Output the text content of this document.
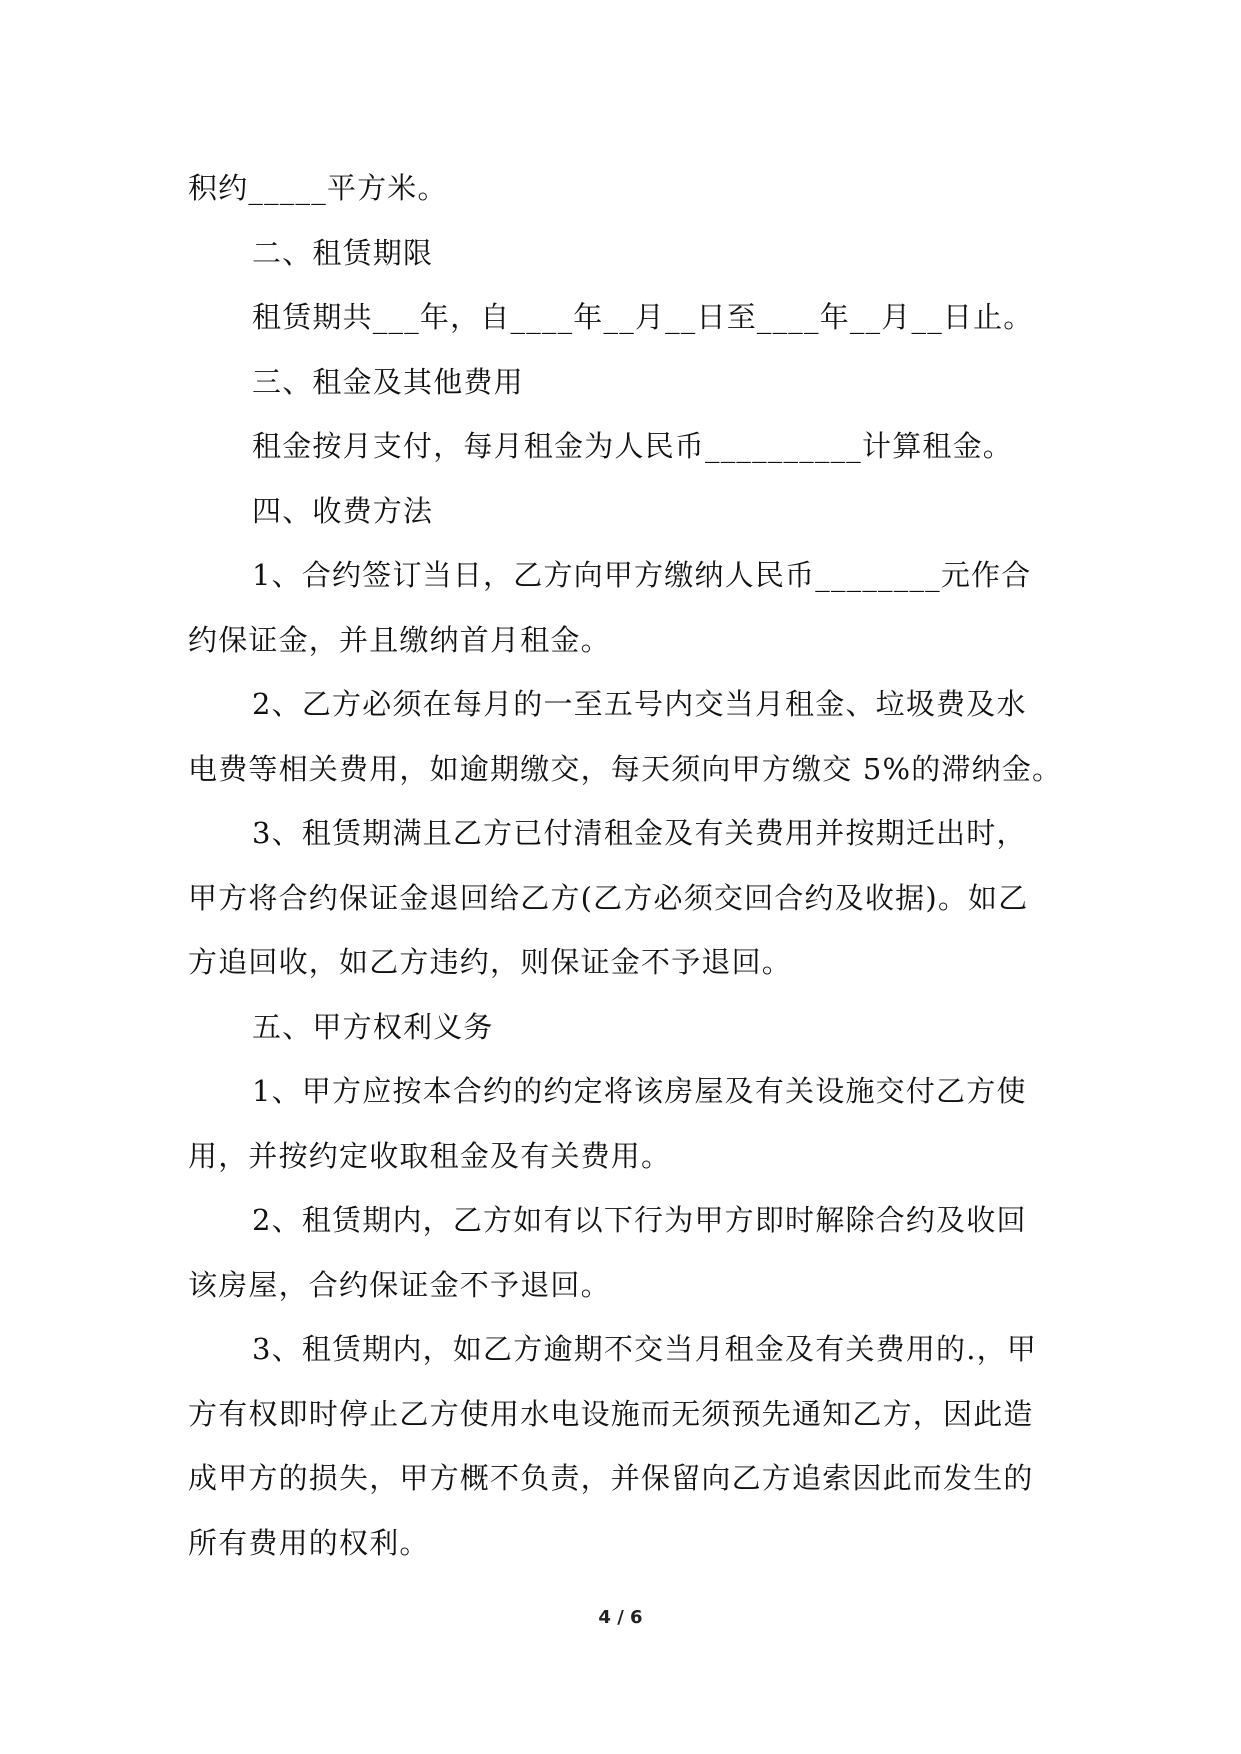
积约_____平方米。
二、租赁期限
租赁期共___年，自____年__月__日至____年__月__日止。
三、租金及其他费用
租金按月支付，每月租金为人民币__________计算租金。
四、收费方法
1、合约签订当日，乙方向甲方缴纳人民币________元作合
约保证金，并且缴纳首月租金。
2、乙方必须在每月的一至五号内交当月租金、垃圾费及水
电费等相关费用，如逾期缴交，每天须向甲方缴交 5%的滞纳金。
3、租赁期满且乙方已付清租金及有关费用并按期迁出时，
甲方将合约保证金退回给乙方(乙方必须交回合约及收据)。如乙
方追回收，如乙方违约，则保证金不予退回。
五、甲方权利义务
1、甲方应按本合约的约定将该房屋及有关设施交付乙方使
用，并按约定收取租金及有关费用。
2、租赁期内，乙方如有以下行为甲方即时解除合约及收回
该房屋，合约保证金不予退回。
3、租赁期内，如乙方逾期不交当月租金及有关费用的.，甲
方有权即时停止乙方使用水电设施而无须预先通知乙方，因此造
成甲方的损失，甲方概不负责，并保留向乙方追索因此而发生的
所有费用的权利。
4 / 6
